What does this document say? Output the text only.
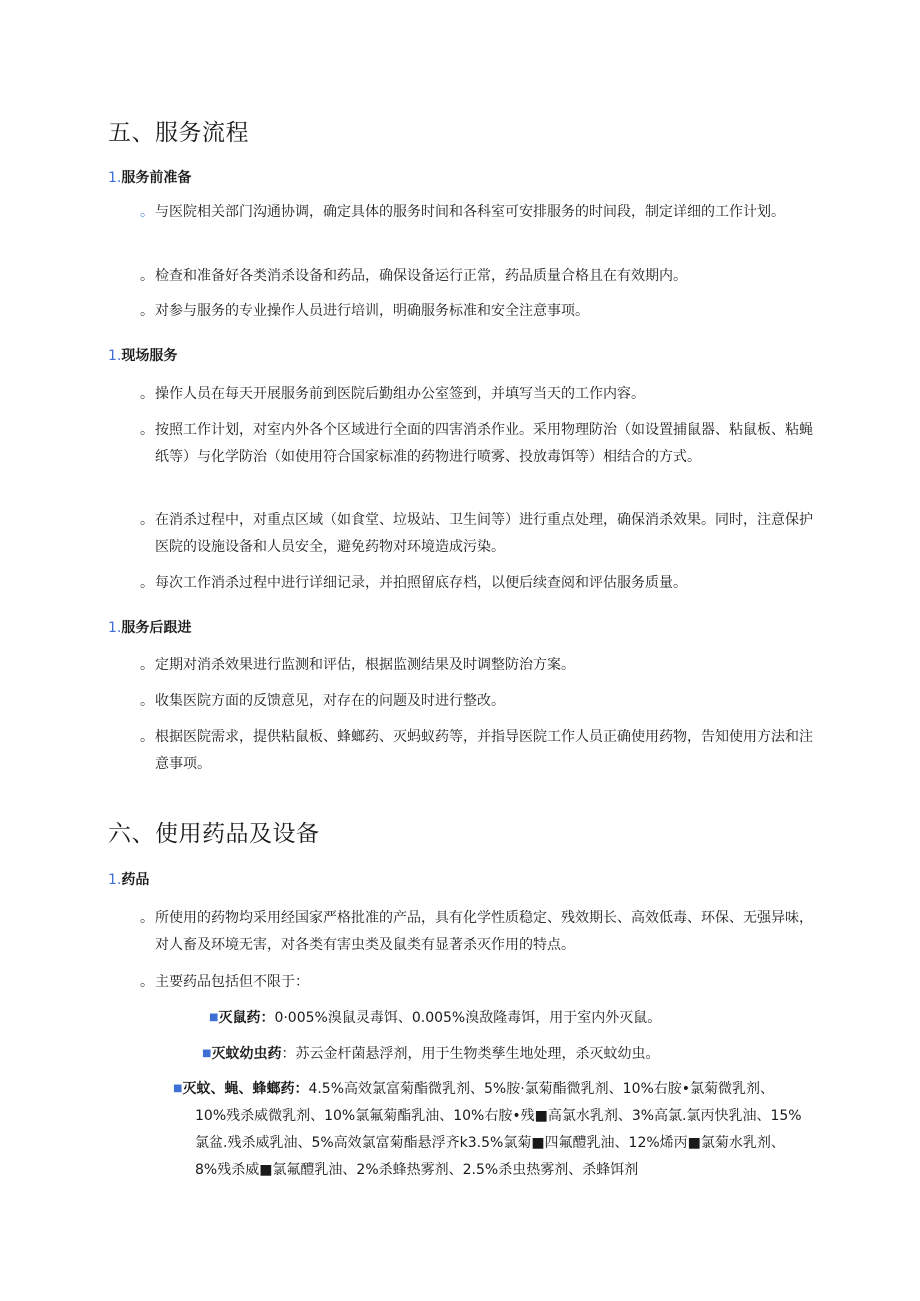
五、服务流程
1.服务前准备
。 与医院相关部门沟通协调，确定具体的服务时间和各科室可安排服务的时间段，制定详细的工作计划。
。 检查和准备好各类消杀设备和药品，确保设备运行正常，药品质量合格且在有效期内。
。 对参与服务的专业操作人员进行培训，明确服务标准和安全注意事项。
1.现场服务
。 操作人员在每天开展服务前到医院后勤组办公室签到，并填写当天的工作内容。
。 按照工作计划，对室内外各个区域进行全面的四害消杀作业。采用物理防治（如设置捕鼠器、粘鼠板、粘蝇纸等）与化学防治（如使用符合国家标准的药物进行喷雾、投放毒饵等）相结合的方式。
。 在消杀过程中，对重点区域（如食堂、垃圾站、卫生间等）进行重点处理，确保消杀效果。同时，注意保护医院的设施设备和人员安全，避免药物对环境造成污染。
。 每次工作消杀过程中进行详细记录，并拍照留底存档，以便后续查阅和评估服务质量。
1.服务后跟进
。 定期对消杀效果进行监测和评估，根据监测结果及时调整防治方案。
。 收集医院方面的反馈意见，对存在的问题及时进行整改。
。 根据医院需求，提供粘鼠板、蜂螂药、灭蚂蚁药等，并指导医院工作人员正确使用药物，告知使用方法和注意事项。
六、使用药品及设备
1.药品
。 所使用的药物均采用经国家严格批准的产品，具有化学性质稳定、残效期长、高效低毒、环保、无强异味，对人畜及环境无害，对各类有害虫类及鼠类有显著杀灭作用的特点。
。 主要药品包括但不限于：
■灭鼠药：0·005%溴鼠灵毒饵、0.005%溴敌隆毒饵，用于室内外灭鼠。
■灭蚊幼虫药：苏云金杆菌悬浮剂，用于生物类孳生地处理，杀灭蚊幼虫。
■灭蚊、蝇、蜂螂药：4.5%高效氯富菊酯微乳剂、5%胺·氯菊酯微乳剂、10%右胺•氯菊微乳剂、10%残杀威微乳剂、10%氯氟菊酯乳油、10%右胺•残■高氯水乳剂、3%高氯.氯丙快乳油、15%氯盆.残杀威乳油、5%高效氯富菊酯悬浮齐k3.5%氯菊■四氟醴乳油、12%烯丙■氯菊水乳剂、8%残杀威■氯氟醴乳油、2%杀蜂热雾剂、2.5%杀虫热雾剂、杀蜂饵剂
